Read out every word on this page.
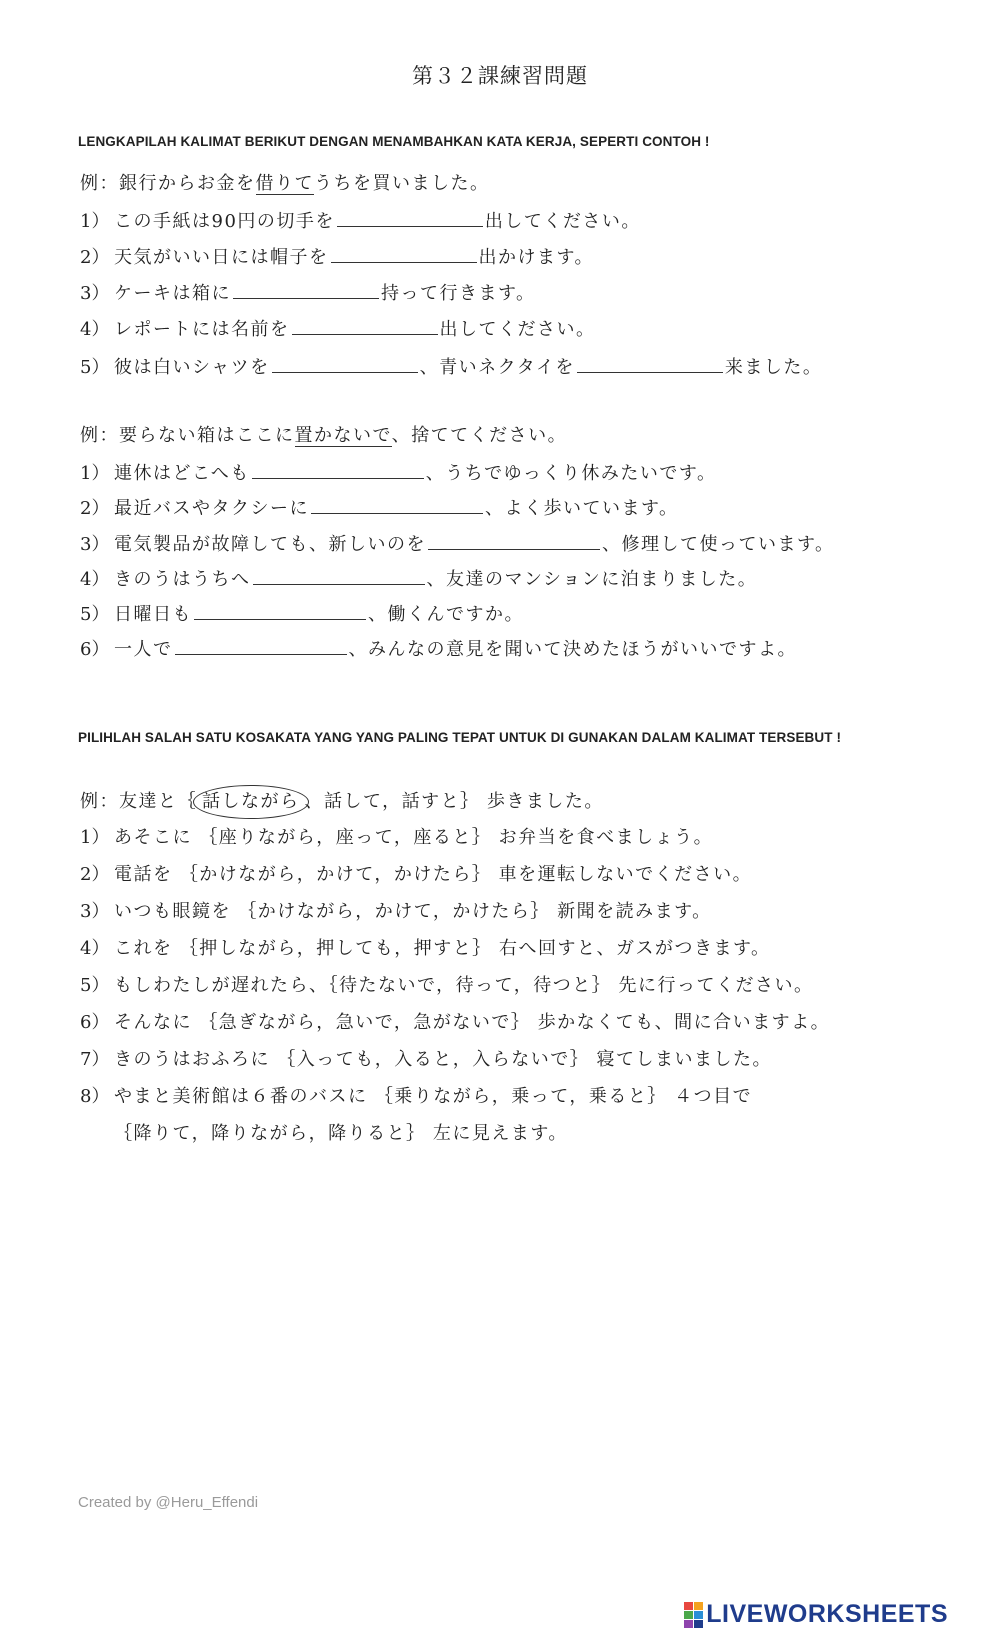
第３２課練習問題
LENGKAPILAH KALIMAT BERIKUT DENGAN MENAMBAHKAN KATA KERJA, SEPERTI CONTOH !
例：銀行からお金を借りてうちを買いました。
1） この手紙は90円の切手を	出してください。
2） 天気がいい日には帽子を	出かけます。
3） ケーキは箱に	持って行きます。
4） レポートには名前を	出してください。
5） 彼は白いシャツを	、青いネクタイを	来ました。
例：要らない箱はここに置かないで、捨ててください。
1） 連休はどこへも	、うちでゆっくり休みたいです。
2） 最近バスやタクシーに	、よく歩いています。
3） 電気製品が故障しても、新しいのを	、修理して使っています。
4） きのうはうちへ	、友達のマンションに泊まりました。
5） 日曜日も	、働くんですか。
6） 一人で	、みんなの意見を聞いて決めたほうがいいですよ。
PILIHLAH SALAH SATU KOSAKATA YANG YANG PALING TEPAT UNTUK DI GUNAKAN DALAM KALIMAT TERSEBUT !
例：友達と｛ 話しながら 、話して，話すと｝ 歩きました。
1） あそこに ｛座りながら，座って，座ると｝ お弁当を食べましょう。
2） 電話を ｛かけながら，かけて，かけたら｝ 車を運転しないでください。
3） いつも眼鏡を ｛かけながら，かけて，かけたら｝ 新聞を読みます。
4） これを ｛押しながら，押しても，押すと｝ 右へ回すと、ガスがつきます。
5） もしわたしが遅れたら、｛待たないで，待って，待つと｝ 先に行ってください。
6） そんなに ｛急ぎながら，急いで，急がないで｝ 歩かなくても、間に合いますよ。
7） きのうはおふろに ｛入っても，入ると，入らないで｝ 寝てしまいました。
8） やまと美術館は６番のバスに ｛乗りながら，乗って，乗ると｝ ４つ目で
｛降りて，降りながら，降りると｝ 左に見えます。
Created by @Heru_Effendi
LIVEWORKSHEETS
